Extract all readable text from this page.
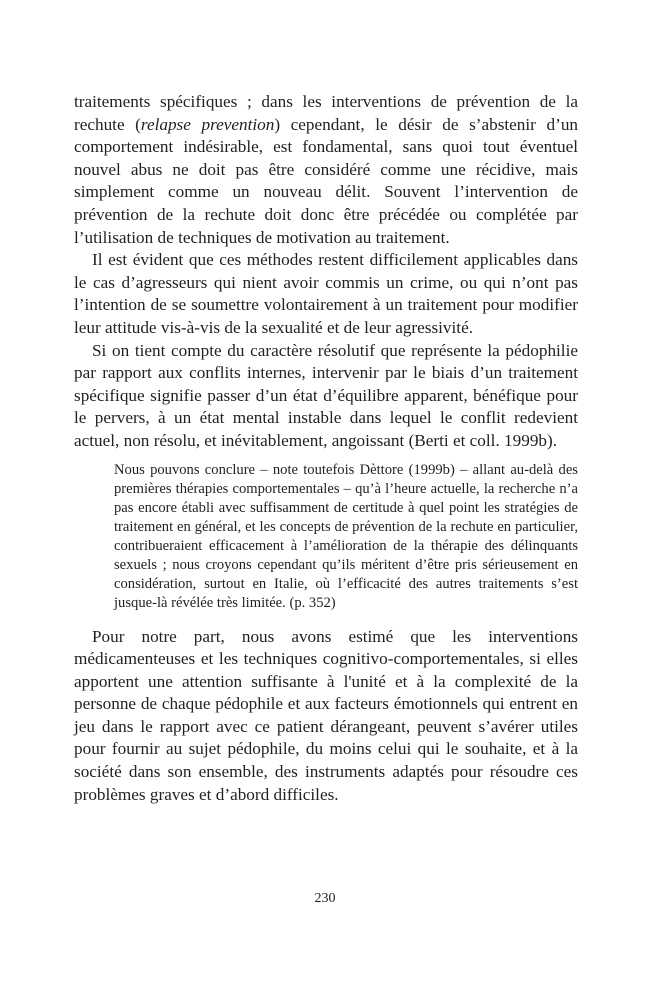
traitements spécifiques ; dans les interventions de prévention de la rechute (relapse prevention) cependant, le désir de s’abstenir d’un comportement indésirable, est fondamental, sans quoi tout éventuel nouvel abus ne doit pas être considéré comme une récidive, mais simplement comme un nouveau délit. Souvent l’intervention de prévention de la rechute doit donc être précédée ou complétée par l’utilisation de techniques de motivation au traitement.

Il est évident que ces méthodes restent difficilement applicables dans le cas d’agresseurs qui nient avoir commis un crime, ou qui n’ont pas l’intention de se soumettre volontairement à un traitement pour modifier leur attitude vis-à-vis de la sexualité et de leur agressivité.

Si on tient compte du caractère résolutif que représente la pédophilie par rapport aux conflits internes, intervenir par le biais d’un traitement spécifique signifie passer d’un état d’équilibre apparent, bénéfique pour le pervers, à un état mental instable dans lequel le conflit redevient actuel, non résolu, et inévitablement, angoissant (Berti et coll. 1999b).

Nous pouvons conclure – note toutefois Dèttore (1999b) – allant au-delà des premières thérapies comportementales – qu’à l’heure actuelle, la recherche n’a pas encore établi avec suffisamment de certitude à quel point les stratégies de traitement en général, et les concepts de prévention de la rechute en particulier, contribueraient efficacement à l’amélioration de la thérapie des délinquants sexuels ; nous croyons cependant qu’ils méritent d’être pris sérieusement en considération, surtout en Italie, où l’efficacité des autres traitements s’est jusque-là révélée très limitée. (p. 352)

Pour notre part, nous avons estimé que les interventions médicamenteuses et les techniques cognitivo-comportementales, si elles apportent une attention suffisante à l'unité et à la complexité de la personne de chaque pédophile et aux facteurs émotionnels qui entrent en jeu dans le rapport avec ce patient dérangeant, peuvent s’avérer utiles pour fournir au sujet pédophile, du moins celui qui le souhaite, et à la société dans son ensemble, des instruments adaptés pour résoudre ces problèmes graves et d’abord difficiles.

230
